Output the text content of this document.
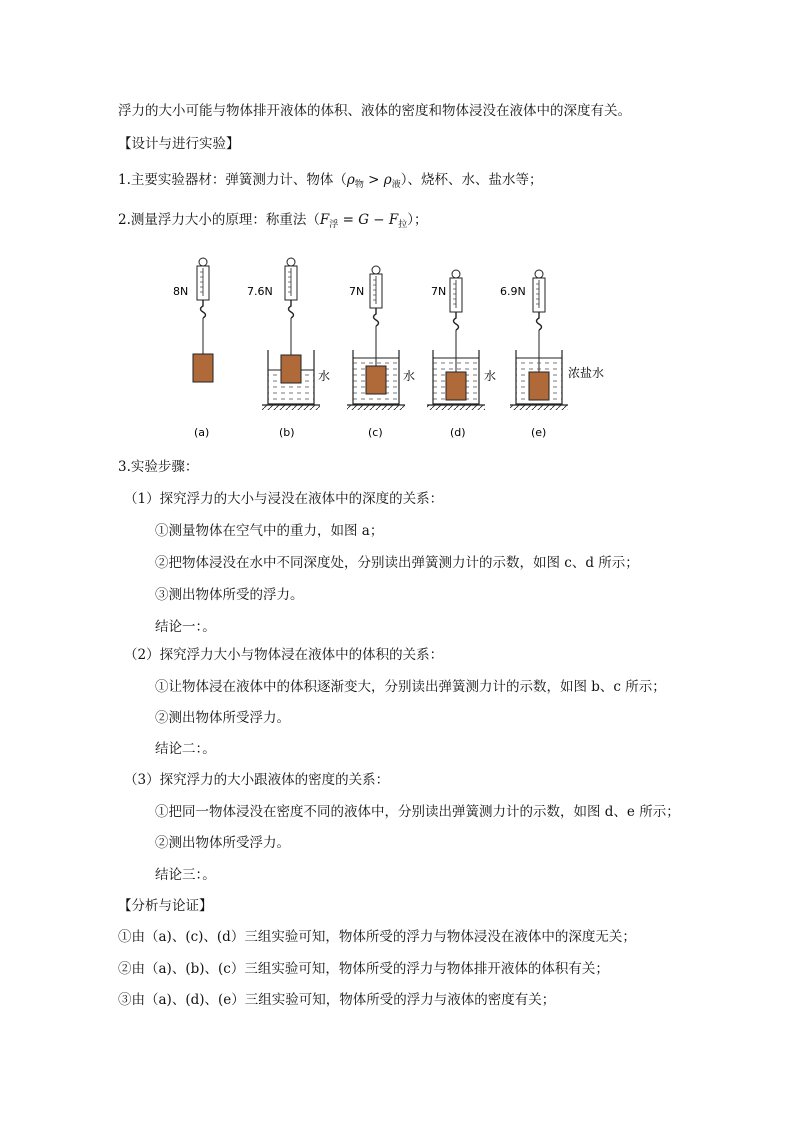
浮力的大小可能与物体排开液体的体积、液体的密度和物体浸没在液体中的深度有关。
【设计与进行实验】
1.主要实验器材：弹簧测力计、物体$(\rho_物 > \rho_液)$、烧杯、水、盐水等；
2.测量浮力大小的原理：称重法$(F_浮 = G - F_拉)$；
8N
(a)
7.6N
水
(b)
7N
水
(c)
7N
水
(d)
6.9N
浓盐水
(e)
3.实验步骤：
（1）探究浮力的大小与浸没在液体中的深度的关系：
①测量物体在空气中的重力，如图 a；
②把物体浸没在水中不同深度处，分别读出弹簧测力计的示数，如图 c、d 所示；
③测出物体所受的浮力。
结论一：。
（2）探究浮力大小与物体浸在液体中的体积的关系：
①让物体浸在液体中的体积逐渐变大，分别读出弹簧测力计的示数，如图 b、c 所示；
②测出物体所受浮力。
结论二：。
（3）探究浮力的大小跟液体的密度的关系：
①把同一物体浸没在密度不同的液体中，分别读出弹簧测力计的示数，如图 d、e 所示；
②测出物体所受浮力。
结论三：。
【分析与论证】
①由（a)、(c)、(d）三组实验可知，物体所受的浮力与物体浸没在液体中的深度无关；
②由（a)、(b)、(c）三组实验可知，物体所受的浮力与物体排开液体的体积有关；
③由（a)、(d)、(e）三组实验可知，物体所受的浮力与液体的密度有关；
